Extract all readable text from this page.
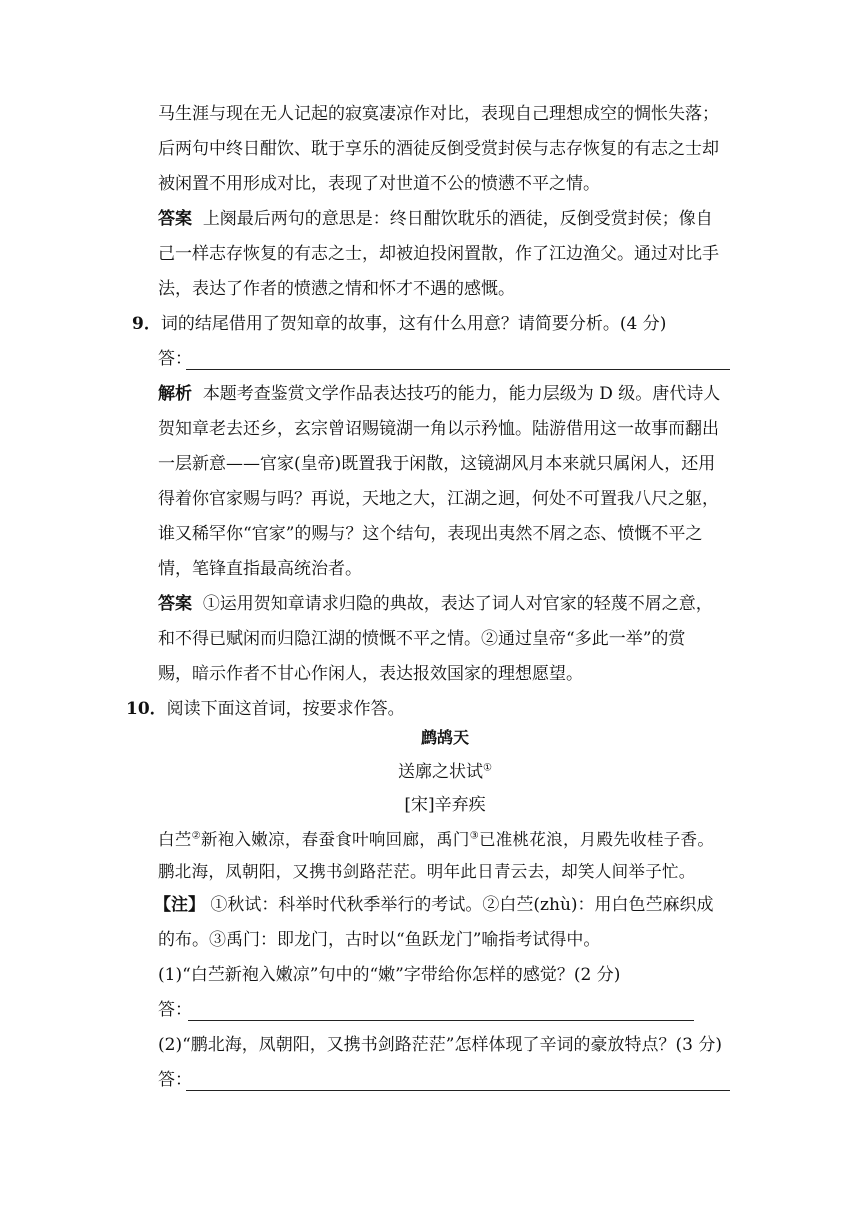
马生涯与现在无人记起的寂寞凄凉作对比，表现自己理想成空的惆怅失落；
后两句中终日酣饮、耽于享乐的酒徒反倒受赏封侯与志存恢复的有志之士却
被闲置不用形成对比，表现了对世道不公的愤懑不平之情。
答案 上阕最后两句的意思是：终日酣饮耽乐的酒徒，反倒受赏封侯；像自
己一样志存恢复的有志之士，却被迫投闲置散，作了江边渔父。通过对比手
法，表达了作者的愤懑之情和怀才不遇的感慨。
9．词的结尾借用了贺知章的故事，这有什么用意？请简要分析。(4 分)
答：
解析 本题考查鉴赏文学作品表达技巧的能力，能力层级为 D 级。唐代诗人
贺知章老去还乡，玄宗曾诏赐镜湖一角以示矜恤。陆游借用这一故事而翻出
一层新意——官家(皇帝)既置我于闲散，这镜湖风月本来就只属闲人，还用
得着你官家赐与吗？再说，天地之大，江湖之迥，何处不可置我八尺之躯，
谁又稀罕你“官家”的赐与？这个结句，表现出夷然不屑之态、愤慨不平之
情，笔锋直指最高统治者。
答案 ①运用贺知章请求归隐的典故，表达了词人对官家的轻蔑不屑之意，
和不得已赋闲而归隐江湖的愤慨不平之情。②通过皇帝“多此一举”的赏
赐，暗示作者不甘心作闲人，表达报效国家的理想愿望。
10．阅读下面这首词，按要求作答。
鹧鸪天
送廓之状试①
[宋]辛弃疾
白苎②新袍入嫩凉，春蚕食叶响回廊，禹门③已准桃花浪，月殿先收桂子香。
鹏北海，凤朝阳，又携书剑路茫茫。明年此日青云去，却笑人间举子忙。
【注】 ①秋试：科举时代秋季举行的考试。②白苎(zhù)：用白色苎麻织成
的布。③禹门：即龙门，古时以“鱼跃龙门”喻指考试得中。
(1)“白苎新袍入嫩凉”句中的“嫩”字带给你怎样的感觉？(2 分)
答：
(2)“鹏北海，凤朝阳，又携书剑路茫茫”怎样体现了辛词的豪放特点？(3 分)
答：
